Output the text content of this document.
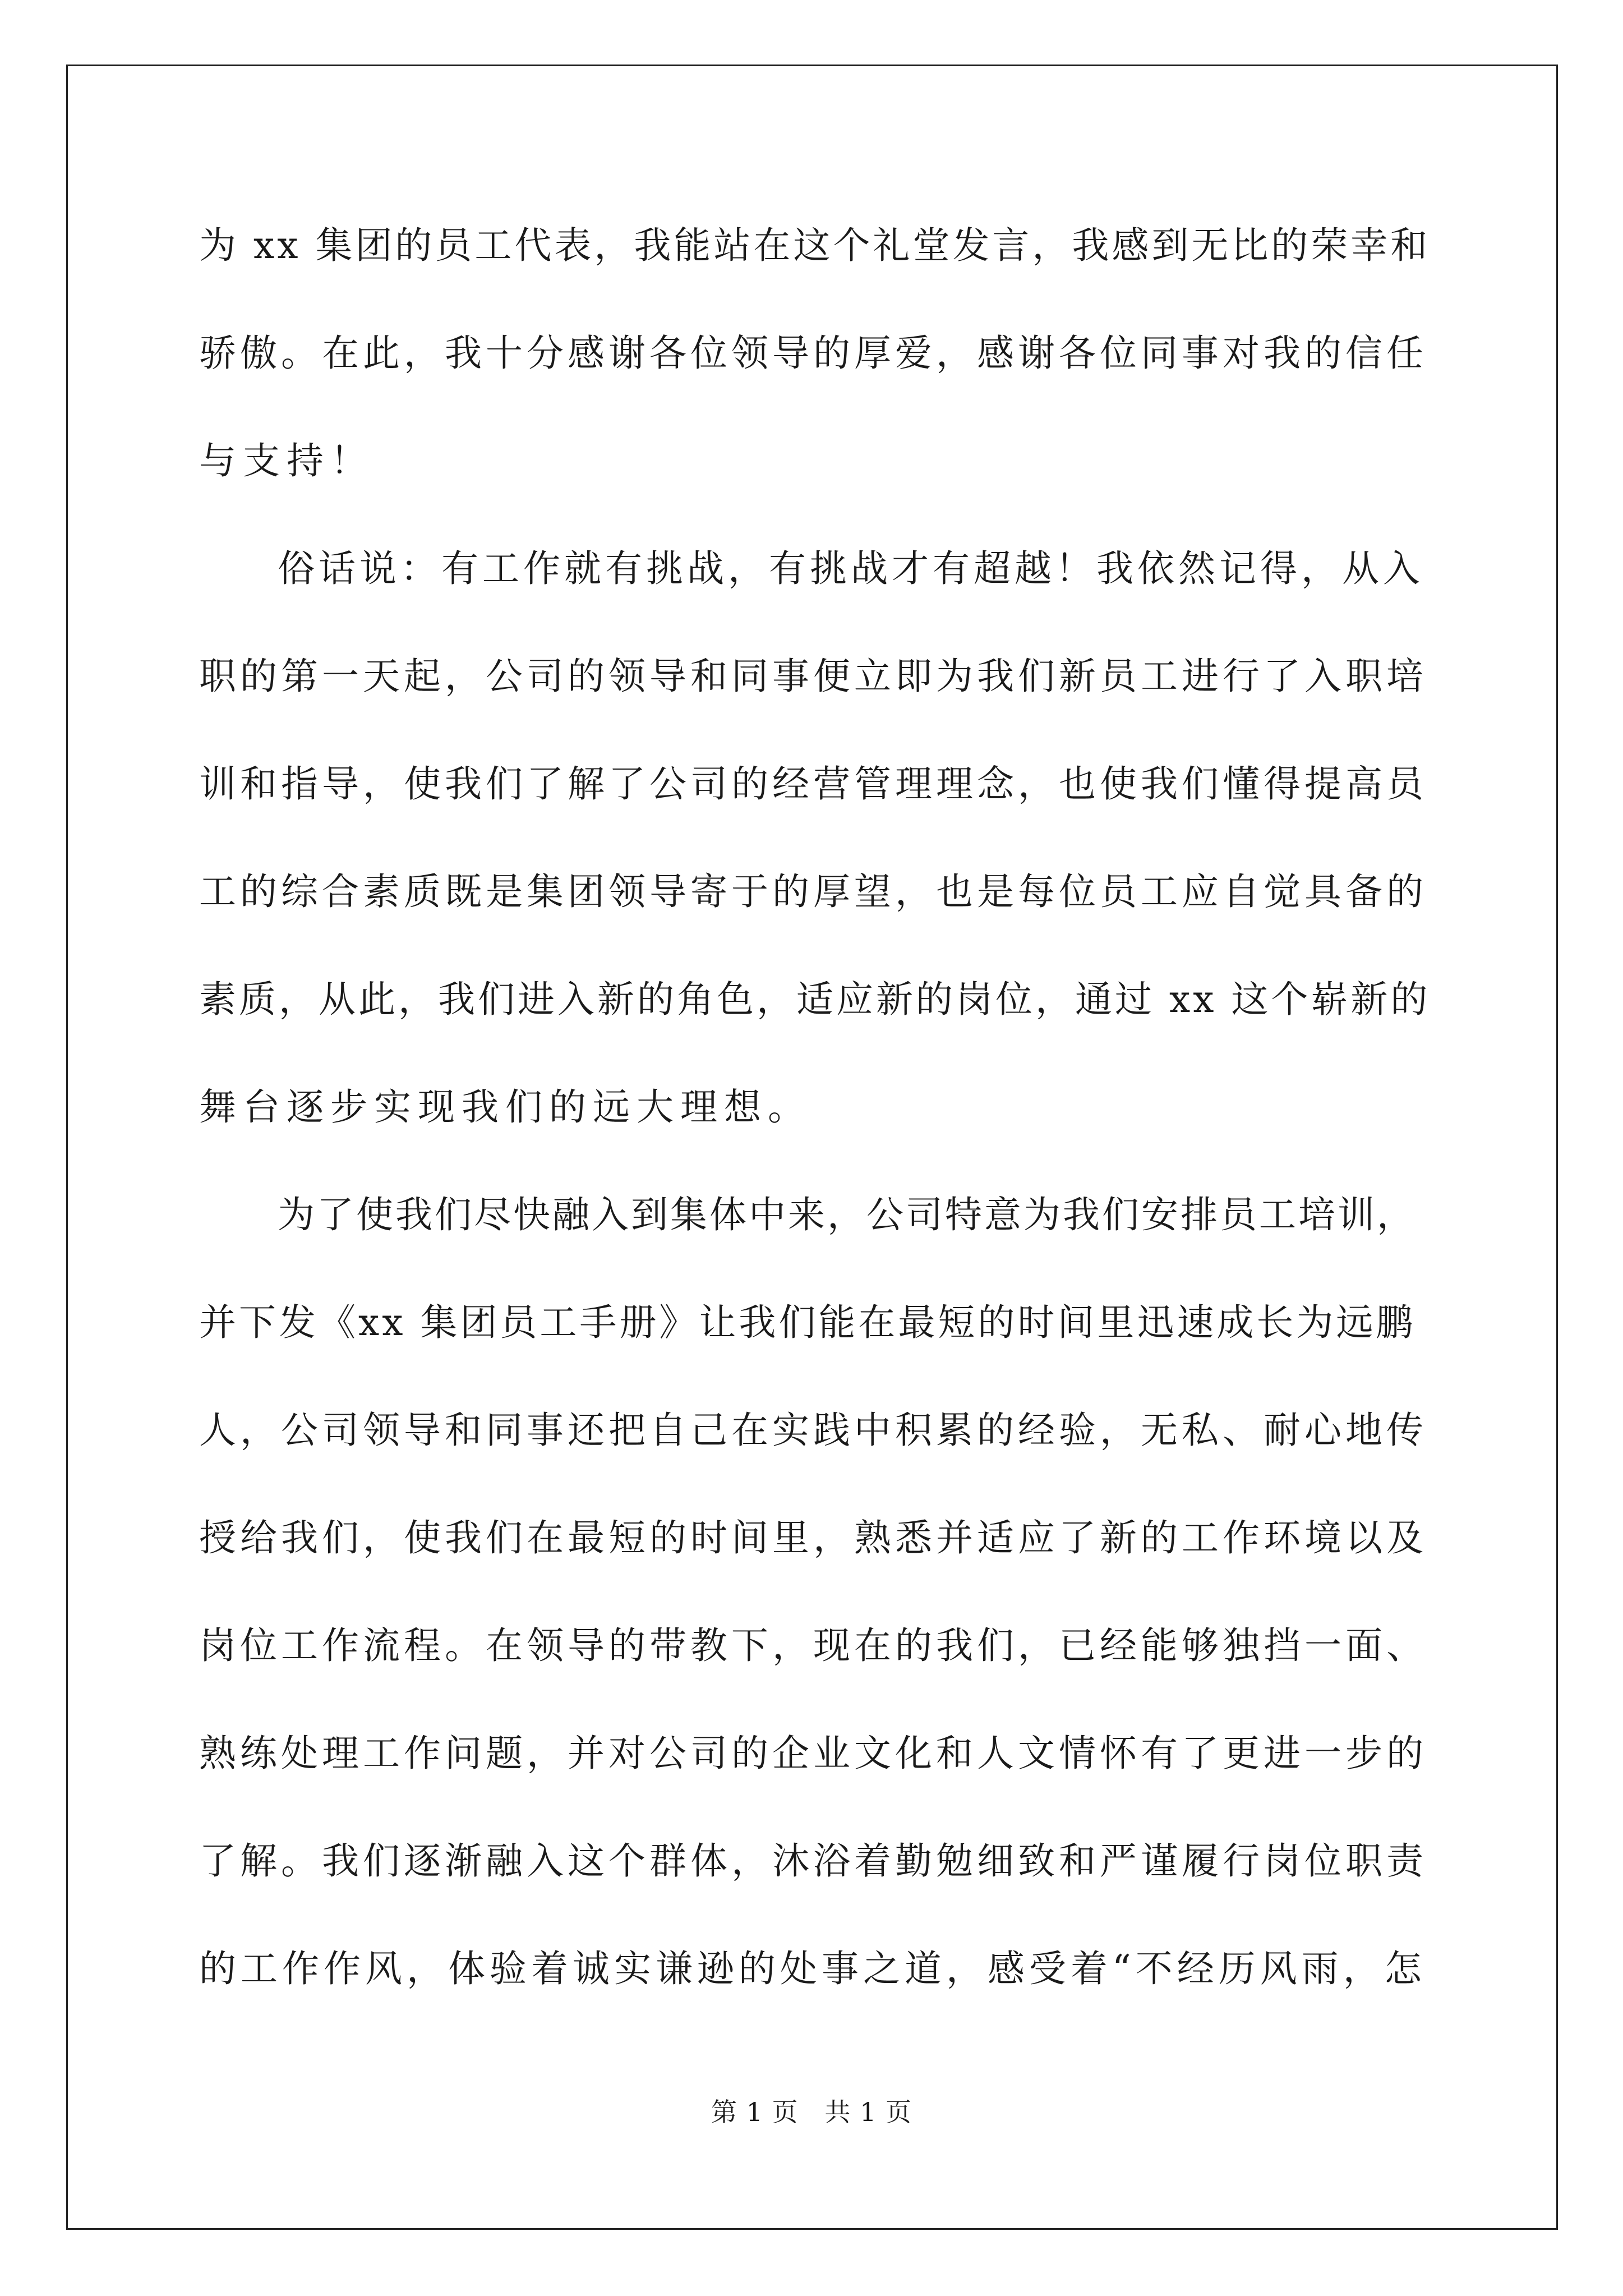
为 xx 集团的员工代表，我能站在这个礼堂发言，我感到无比的荣幸和
骄傲。在此，我十分感谢各位领导的厚爱，感谢各位同事对我的信任
与支持！
俗话说：有工作就有挑战，有挑战才有超越！我依然记得，从入
职的第一天起，公司的领导和同事便立即为我们新员工进行了入职培
训和指导，使我们了解了公司的经营管理理念，也使我们懂得提高员
工的综合素质既是集团领导寄于的厚望，也是每位员工应自觉具备的
素质，从此，我们进入新的角色，适应新的岗位，通过 xx 这个崭新的
舞台逐步实现我们的远大理想。
为了使我们尽快融入到集体中来，公司特意为我们安排员工培训，
并下发《xx 集团员工手册》让我们能在最短的时间里迅速成长为远鹏
人，公司领导和同事还把自己在实践中积累的经验，无私、耐心地传
授给我们，使我们在最短的时间里，熟悉并适应了新的工作环境以及
岗位工作流程。在领导的带教下，现在的我们，已经能够独挡一面、
熟练处理工作问题，并对公司的企业文化和人文情怀有了更进一步的
了解。我们逐渐融入这个群体，沐浴着勤勉细致和严谨履行岗位职责
的工作作风，体验着诚实谦逊的处事之道，感受着“不经历风雨，怎
第 1 页　共 1 页
